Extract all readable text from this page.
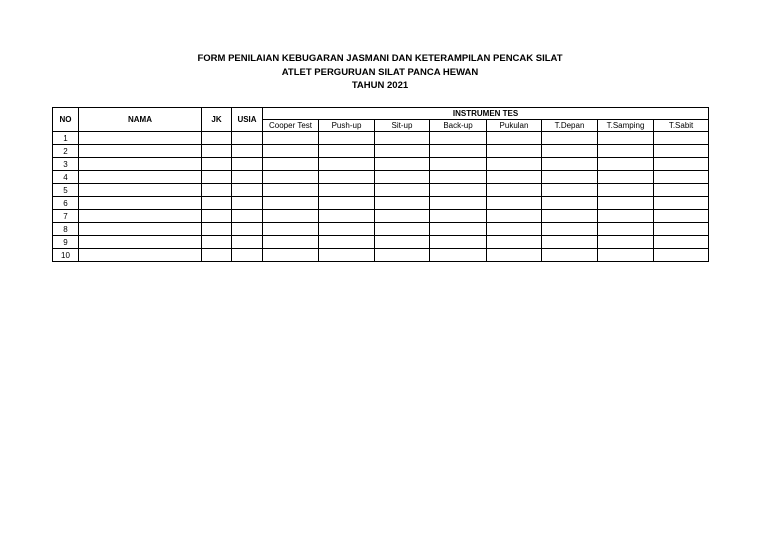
FORM PENILAIAN KEBUGARAN JASMANI DAN KETERAMPILAN PENCAK SILAT
ATLET PERGURUAN SILAT PANCA HEWAN
TAHUN 2021
NO	NAMA	JK	USIA	INSTRUMEN TES							
				Cooper Test	Push-up	Sit-up	Back-up	Pukulan	T.Depan	T.Samping	T.Sabit
1											
2											
3											
4											
5											
6											
7											
8											
9											
10											
